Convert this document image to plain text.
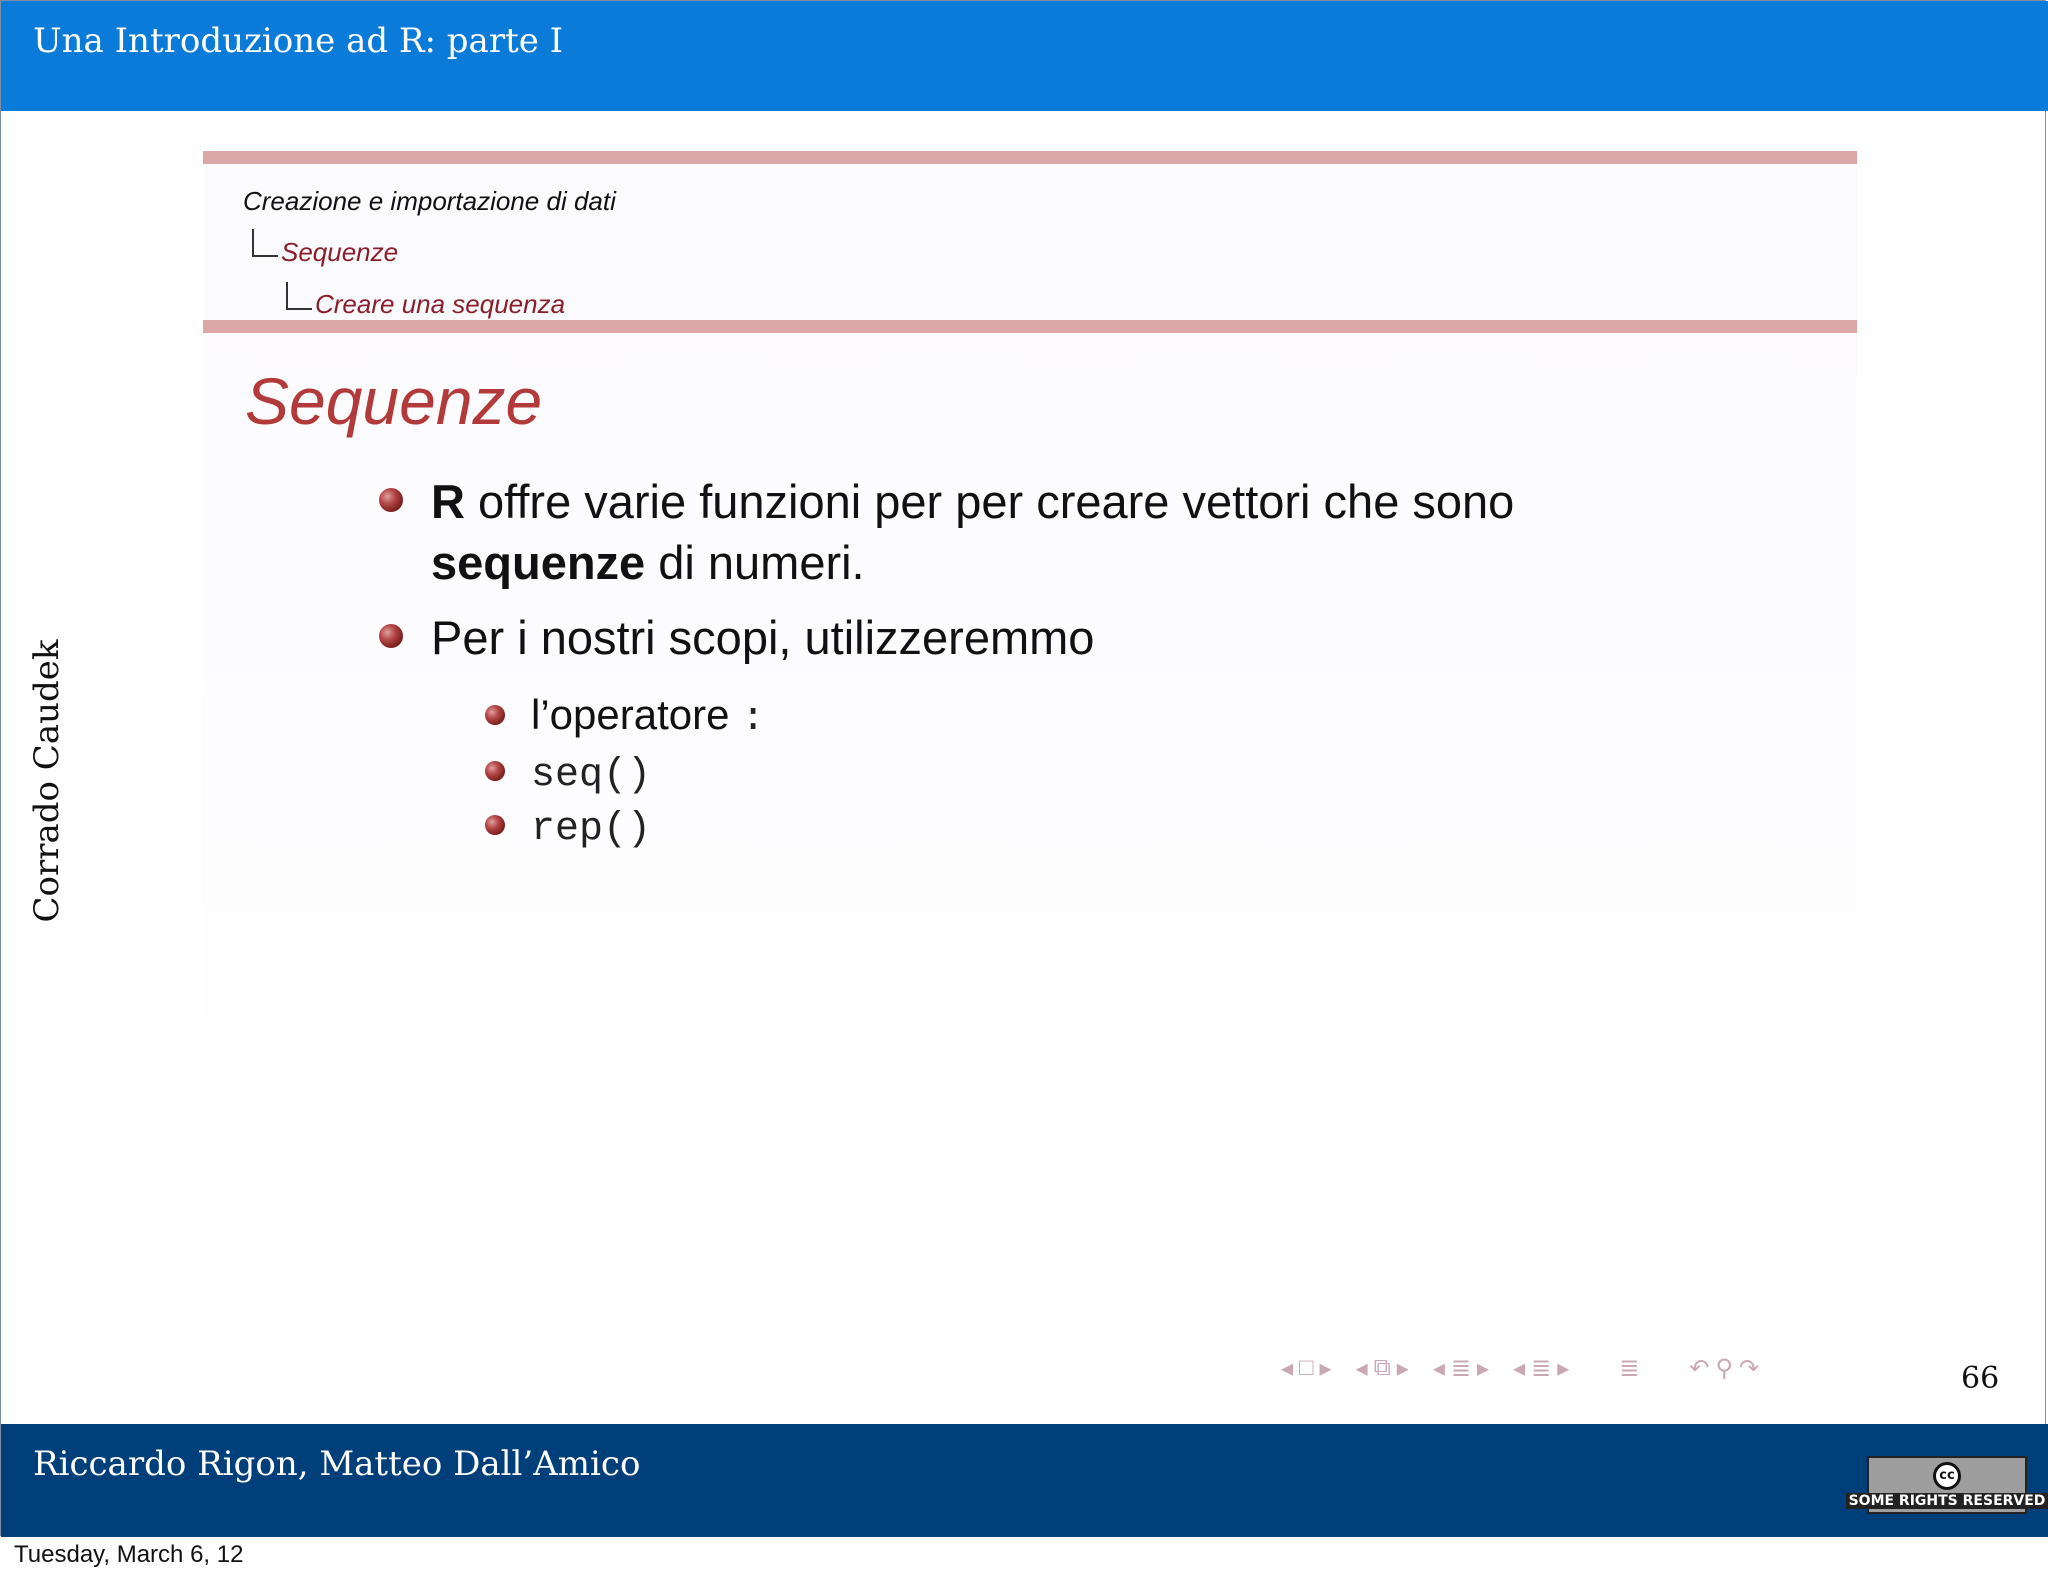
Una Introduzione ad R: parte I
Corrado Caudek
Creazione e importazione di dati
Sequenze
Creare una sequenza
Sequenze
R offre varie funzioni per per creare vettori che sono sequenze di numeri.
Per i nostri scopi, utilizzeremmo
l’operatore :
seq()
rep()
◂ □ ▸ ◂ ⧉ ▸ ◂ ≣ ▸ ◂ ≣ ▸ ≣ ↶ ⚲ ↷	66
Riccardo Rigon, Matteo Dall’Amico	cc
SOME RIGHTS RESERVED
Tuesday, March 6, 12
